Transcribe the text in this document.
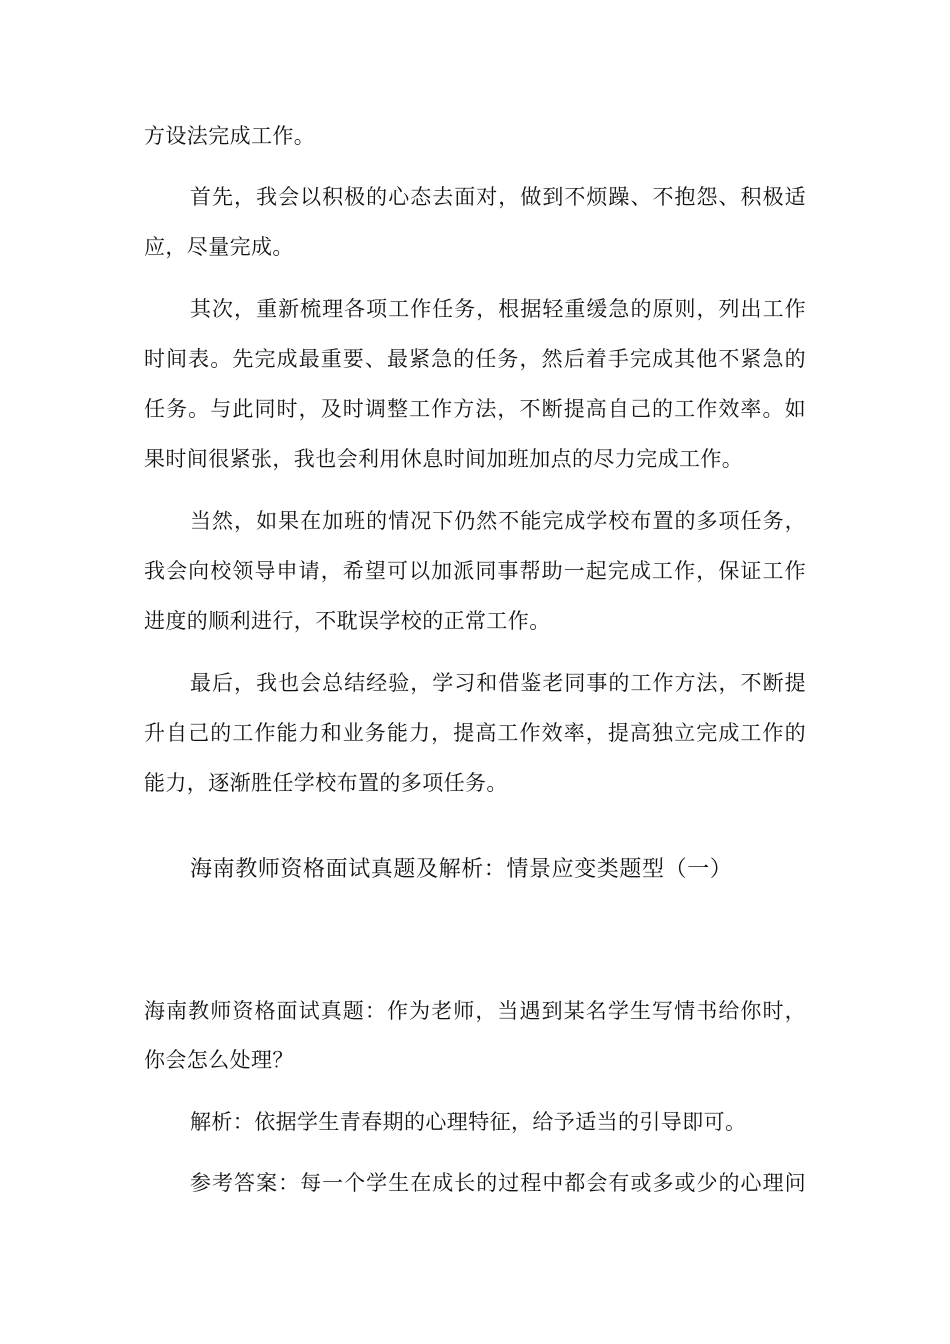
方设法完成工作。
首先，我会以积极的心态去面对，做到不烦躁、不抱怨、积极适
应，尽量完成。
其次，重新梳理各项工作任务，根据轻重缓急的原则，列出工作
时间表。先完成最重要、最紧急的任务，然后着手完成其他不紧急的
任务。与此同时，及时调整工作方法，不断提高自己的工作效率。如
果时间很紧张，我也会利用休息时间加班加点的尽力完成工作。
当然，如果在加班的情况下仍然不能完成学校布置的多项任务，
我会向校领导申请，希望可以加派同事帮助一起完成工作，保证工作
进度的顺利进行，不耽误学校的正常工作。
最后，我也会总结经验，学习和借鉴老同事的工作方法，不断提
升自己的工作能力和业务能力，提高工作效率，提高独立完成工作的
能力，逐渐胜任学校布置的多项任务。
海南教师资格面试真题及解析：情景应变类题型（一）
海南教师资格面试真题：作为老师，当遇到某名学生写情书给你时，
你会怎么处理？
解析：依据学生青春期的心理特征，给予适当的引导即可。
参考答案：每一个学生在成长的过程中都会有或多或少的心理问
